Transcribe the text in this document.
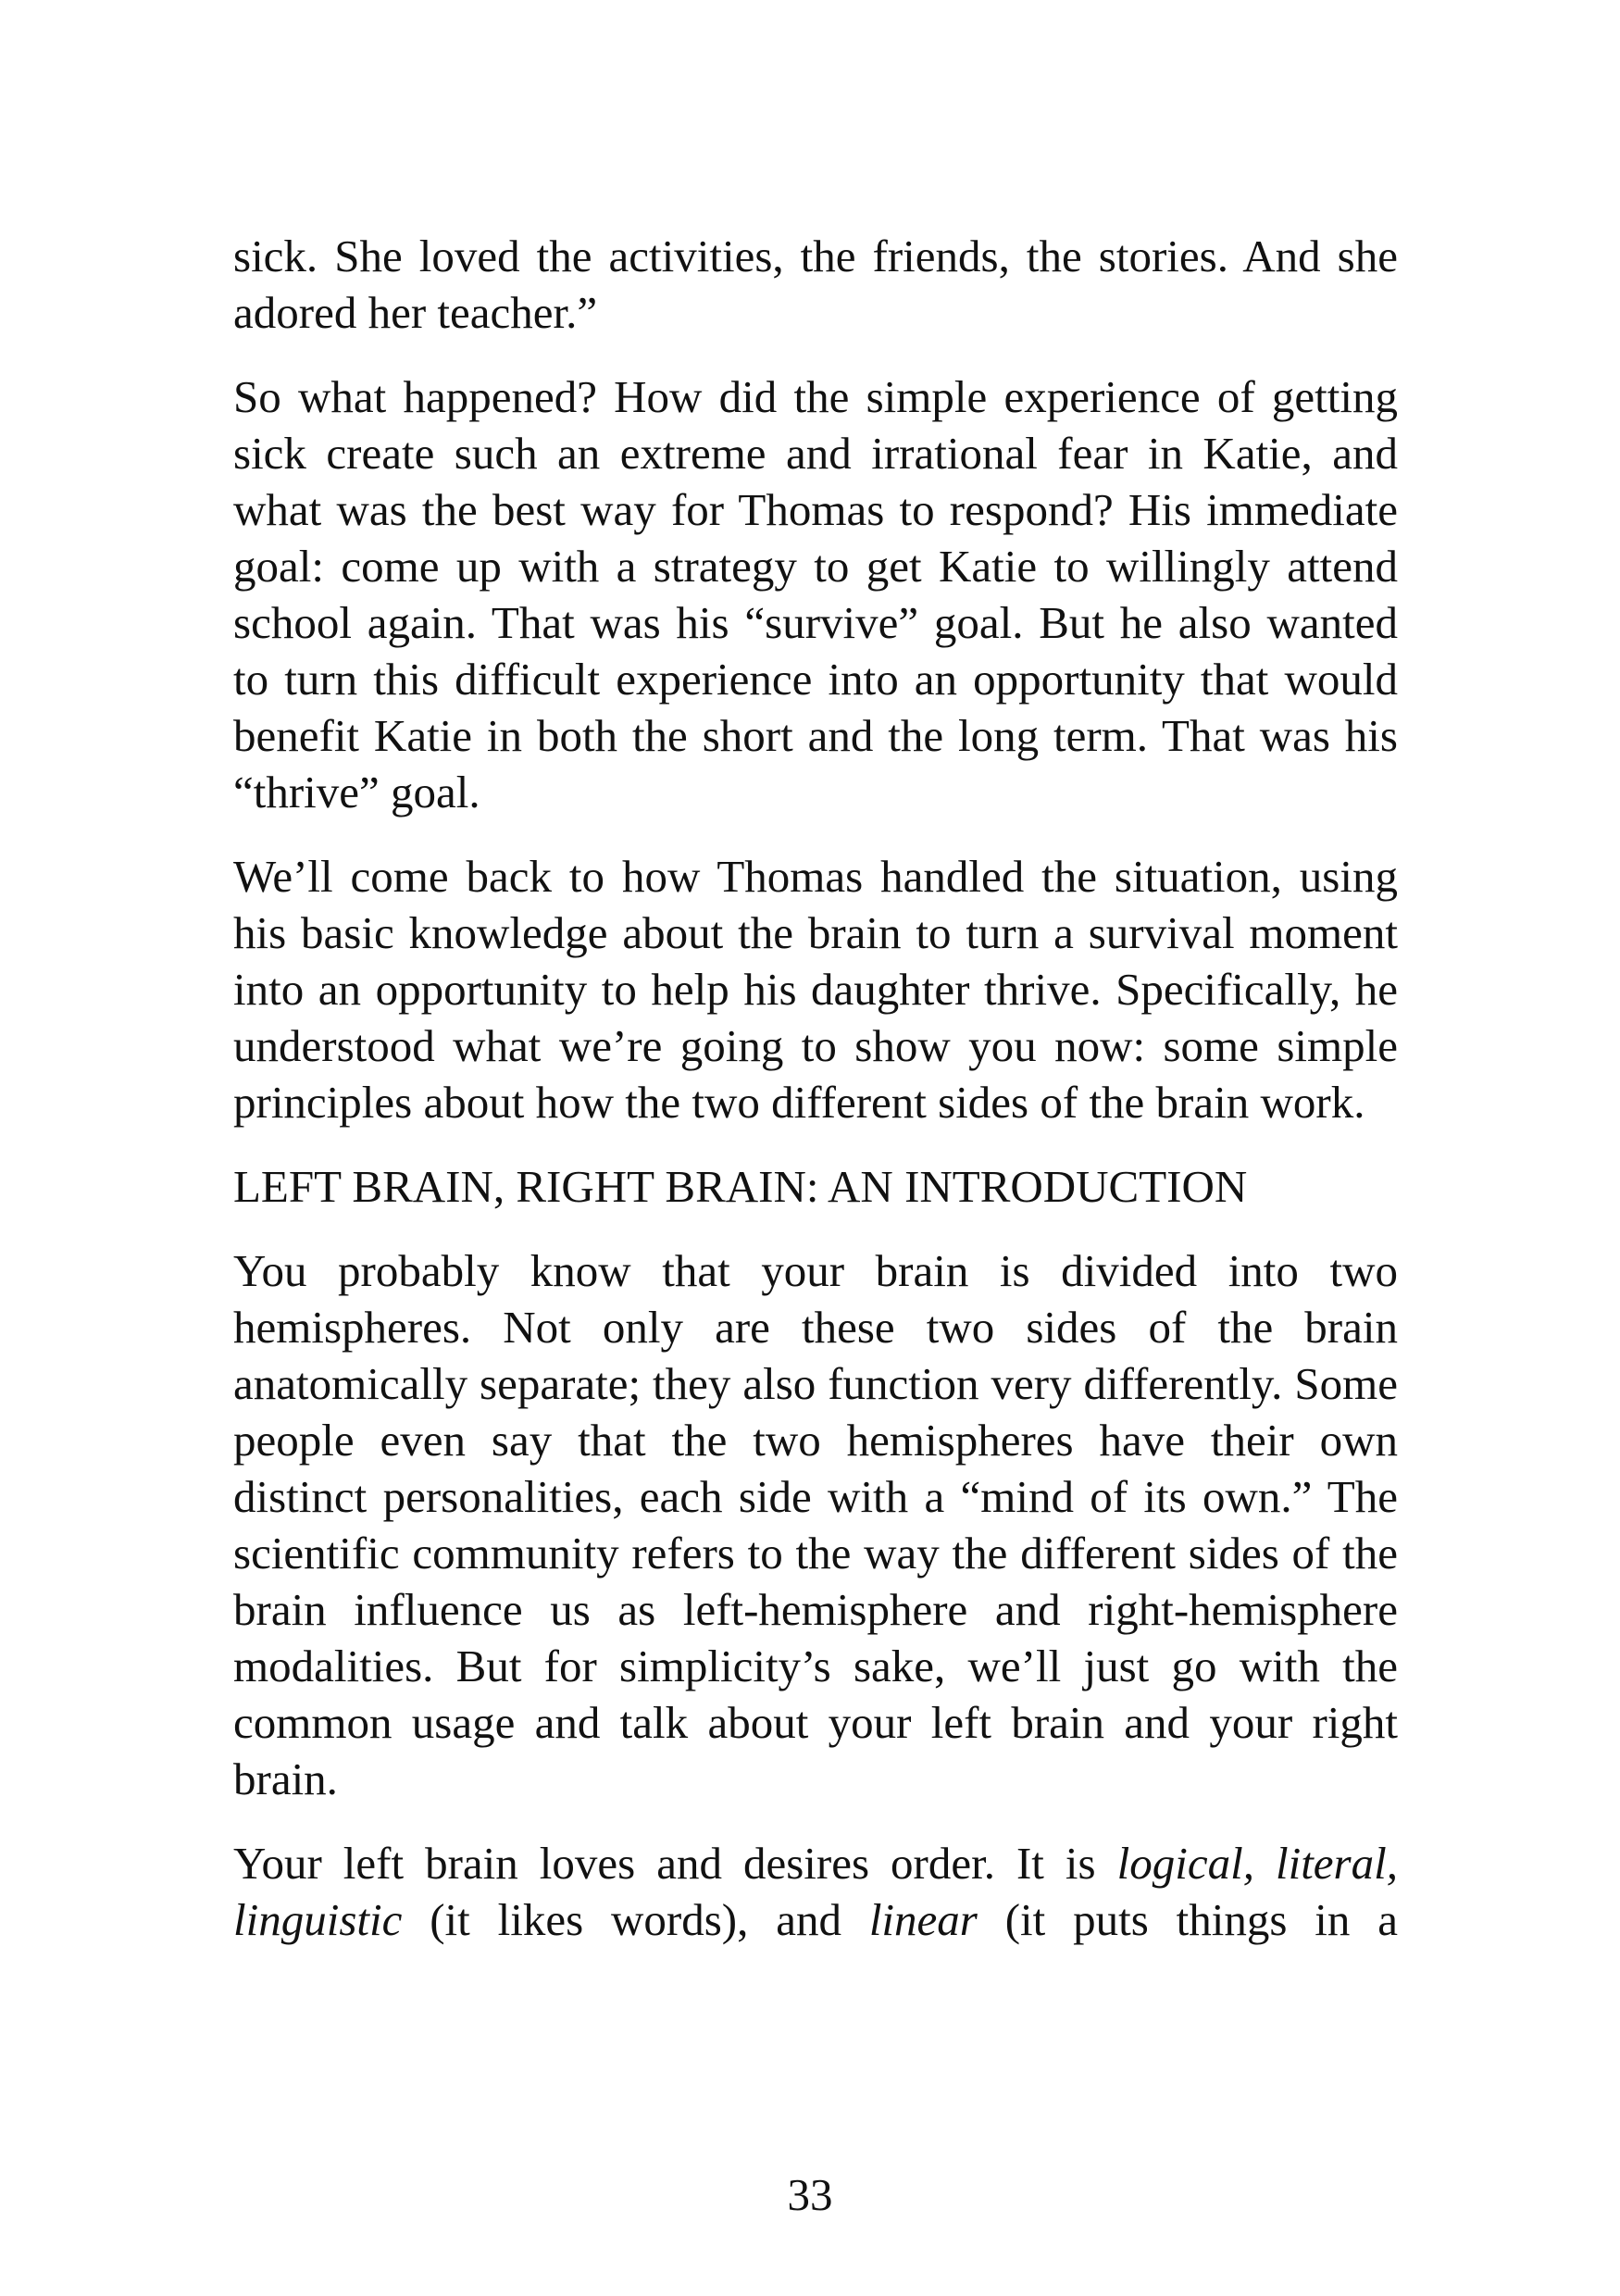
sick. She loved the activities, the friends, the stories. And she adored her teacher.”

So what happened? How did the simple experience of getting sick create such an extreme and irrational fear in Katie, and what was the best way for Thomas to respond? His immediate goal: come up with a strategy to get Katie to willingly attend school again. That was his “survive” goal. But he also wanted to turn this difficult experience into an opportunity that would benefit Katie in both the short and the long term. That was his “thrive” goal.

We’ll come back to how Thomas handled the situation, using his basic knowledge about the brain to turn a survival moment into an opportunity to help his daughter thrive. Specifically, he understood what we’re going to show you now: some simple principles about how the two different sides of the brain work.

LEFT BRAIN, RIGHT BRAIN: AN INTRODUCTION

You probably know that your brain is divided into two hemispheres. Not only are these two sides of the brain anatomically separate; they also function very differently. Some people even say that the two hemispheres have their own distinct personalities, each side with a “mind of its own.” The scientific community refers to the way the different sides of the brain influence us as left-hemisphere and right-hemisphere modalities. But for simplicity’s sake, we’ll just go with the common usage and talk about your left brain and your right brain.

Your left brain loves and desires order. It is logical, literal, linguistic (it likes words), and linear (it puts things in a

33
